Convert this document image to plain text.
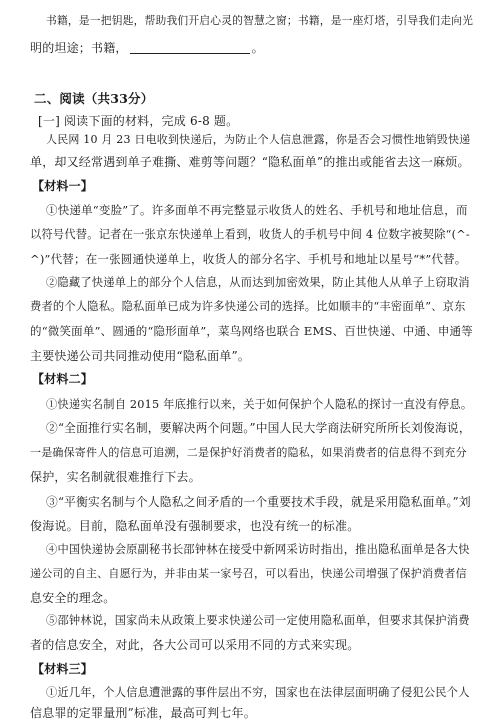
书籍，是一把钥匙，帮助我们开启心灵的智慧之窗；书籍，是一座灯塔，引导我们走向光
明的坦途；书籍，	。
二、阅读（共33分）
[一] 阅读下面的材料，完成 6-8 题。
人民网 10 月 23 日电收到快递后，为防止个人信息泄露，你是否会习惯性地销毁快递
单，却又经常遇到单子难撕、难剪等问题？“隐私面单”的推出或能省去这一麻烦。
【材料一】
①快递单“变脸”了。许多面单不再完整显示收货人的姓名、手机号和地址信息，而
以符号代替。记者在一张京东快递单上看到，收货人的手机号中间 4 位数字被契除“(^-
^)”代替；在一张圆通快递单上，收货人的部分名字、手机号和地址以星号“*”代替。
②隐藏了快递单上的部分个人信息，从而达到加密效果，防止其他人从单子上窃取消
费者的个人隐私。隐私面单已成为许多快递公司的选择。比如顺丰的“丰密面单”、京东
的“微笑面单”、圆通的“隐形面单”，菜鸟网络也联合 EMS、百世快递、中通、申通等
主要快递公司共同推动使用“隐私面单”。
【材料二】
①快递实名制自 2015 年底推行以来，关于如何保护个人隐私的探讨一直没有停息。
②“全面推行实名制，要解决两个问题。”中国人民大学商法研究所所长刘俊海说，
一是确保寄件人的信息可追溯，二是保护好消费者的隐私，如果消费者的信息得不到充分
保护，实名制就很难推行下去。
③“平衡实名制与个人隐私之间矛盾的一个重要技术手段，就是采用隐私面单。”刘
俊海说。目前，隐私面单没有强制要求，也没有统一的标准。
④中国快递协会原副秘书长邵钟林在接受中新网采访时指出，推出隐私面单是各大快
递公司的自主、自愿行为，并非由某一家号召，可以看出，快递公司增强了保护消费者信
息安全的理念。
⑤邵钟林说，国家尚未从政策上要求快递公司一定使用隐私面单，但要求其保护消费
者的信息安全，对此，各大公司可以采用不同的方式来实现。
【材料三】
①近几年，个人信息遭泄露的事件层出不穷，国家也在法律层面明确了侵犯公民个人
信息罪的定罪量刑”标准，最高可判七年。
